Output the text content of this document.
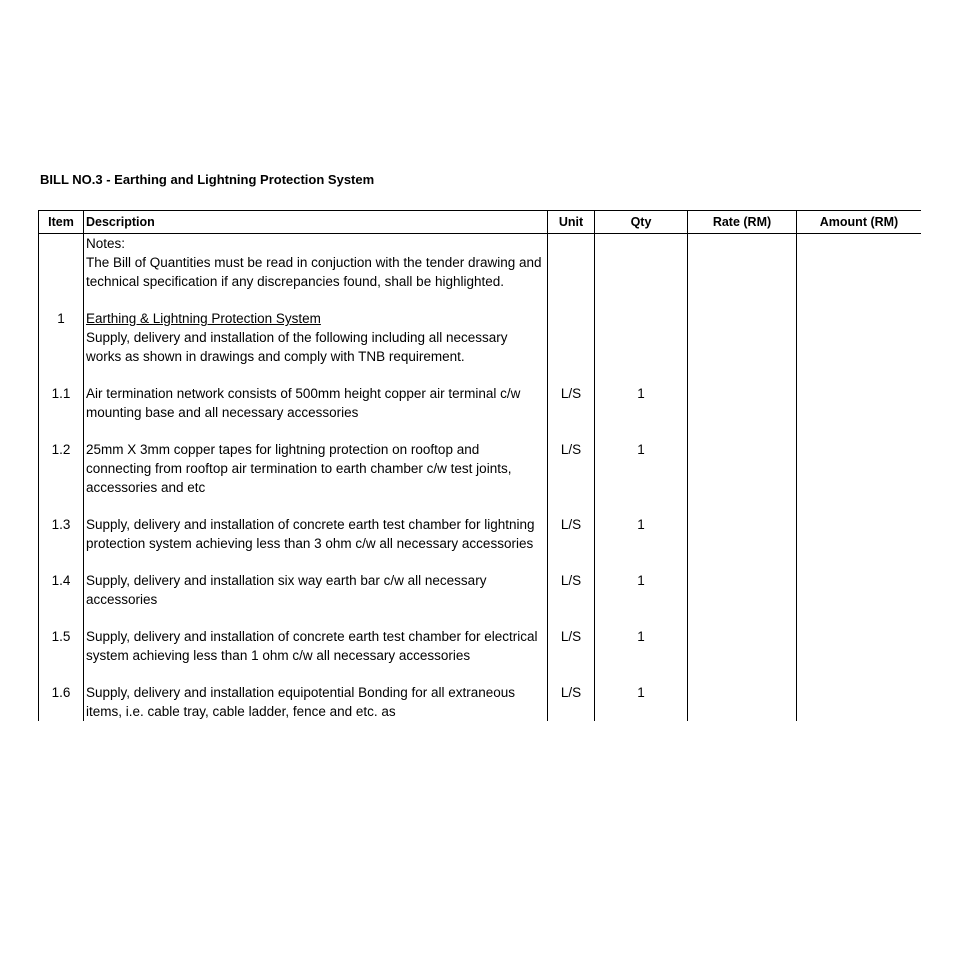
BILL NO.3 - Earthing and Lightning Protection System
Item	Description	Unit	Qty	Rate (RM)	Amount (RM)

	Notes:
The Bill of Quantities must be read in conjuction with the tender drawing and technical specification if any discrepancies found, shall be highlighted.				

1	Earthing & Lightning Protection System
Supply, delivery and installation of the following including all necessary works as shown in drawings and comply with TNB requirement.				

1.1	Air termination network consists of 500mm height copper air terminal c/w mounting base and all necessary accessories	L/S	1		

1.2	25mm X 3mm copper tapes for lightning protection on rooftop and connecting from rooftop air termination to earth chamber c/w test joints, accessories and etc	L/S	1		

1.3	Supply, delivery and installation of concrete earth test chamber for lightning protection system achieving less than 3 ohm c/w all necessary accessories	L/S	1		

1.4	Supply, delivery and installation six way earth bar c/w all necessary accessories	L/S	1		

1.5	Supply, delivery and installation of concrete earth test chamber for electrical system achieving less than 1 ohm c/w all necessary accessories	L/S	1		

1.6	Supply, delivery and installation equipotential Bonding for all extraneous items, i.e. cable tray, cable ladder, fence and etc. as	L/S	1		
